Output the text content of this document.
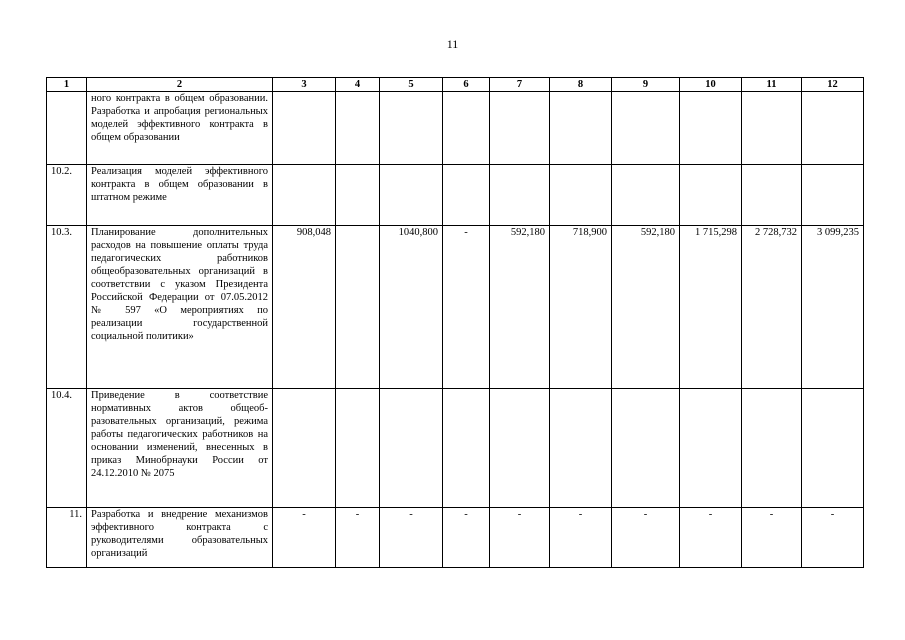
11
1	2	3	4	5	6	7	8	9	10	11	12
	ного контракта в общем образовании. Разработка и апробация региональных моделей эффективного контракта в общем образовании										
10.2.	Реализация моделей эффективного контракта в общем образовании в штатном режиме										
10.3.	Планирование дополнительных расходов на повышение оплаты труда педагогических работников общеобразовательных организаций в соответствии с указом Президента Российской Федерации от 07.05.2012 № 597 «О мероприятиях по реализации государственной социальной политики»	908,048		1040,800	-	592,180	718,900	592,180	1 715,298	2 728,732	3 099,235
10.4.	Приведение в соответствие нормативных актов общеобразовательных организаций, режима работы педагогических работников на основании изменений, внесенных в приказ Минобрнауки России от 24.12.2010 № 2075										
11.	Разработка и внедрение механизмов эффективного контракта с руководителями образовательных организаций	-	-	-	-	-	-	-	-	-	-
